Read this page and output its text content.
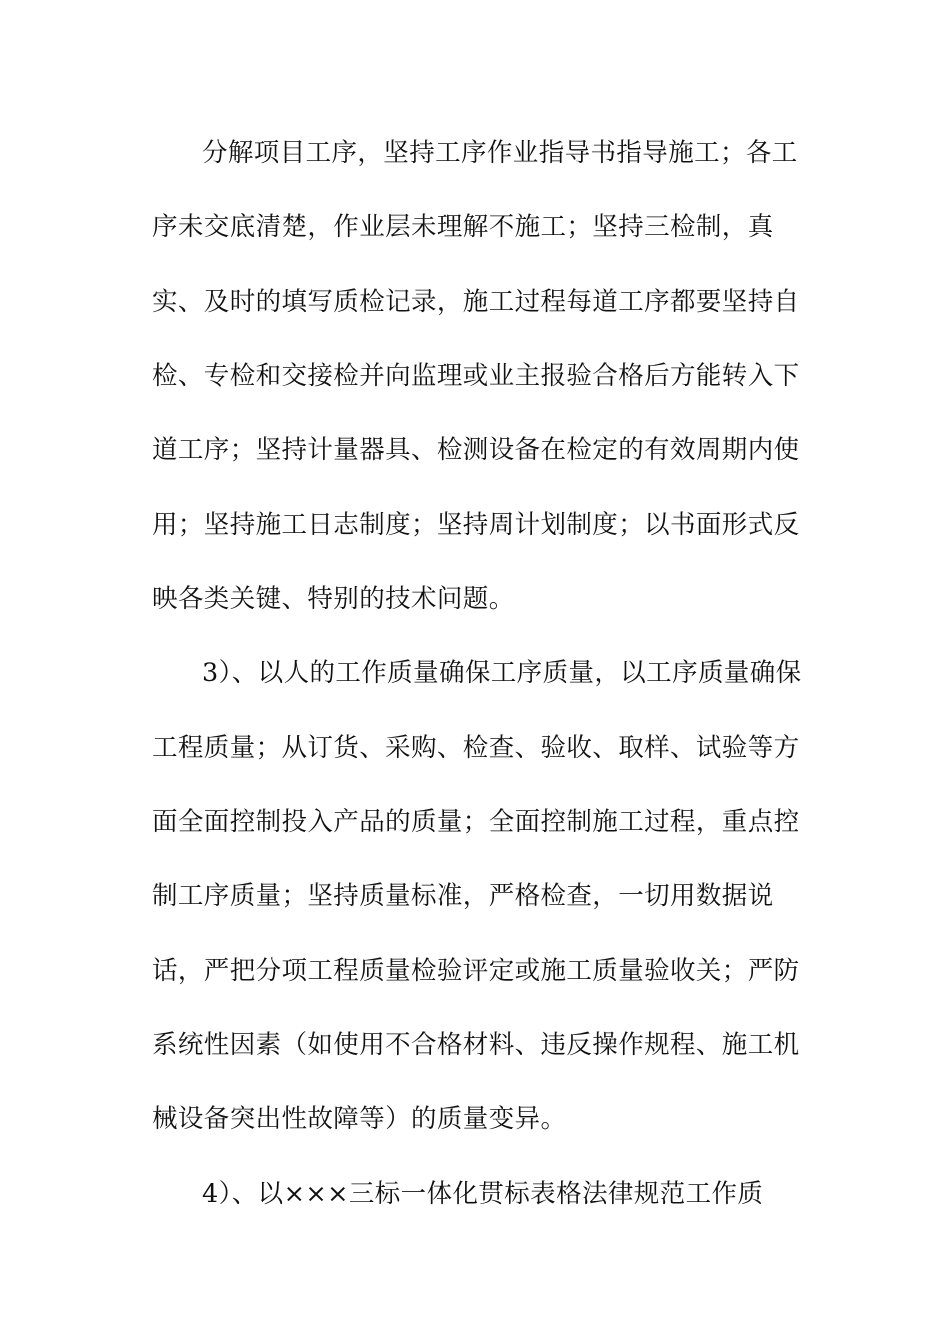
分解项目工序，坚持工序作业指导书指导施工；各工
序未交底清楚，作业层未理解不施工；坚持三检制，真
实、及时的填写质检记录，施工过程每道工序都要坚持自
检、专检和交接检并向监理或业主报验合格后方能转入下
道工序；坚持计量器具、检测设备在检定的有效周期内使
用；坚持施工日志制度；坚持周计划制度；以书面形式反
映各类关键、特别的技术问题。
3）、以人的工作质量确保工序质量，以工序质量确保
工程质量；从订货、采购、检查、验收、取样、试验等方
面全面控制投入产品的质量；全面控制施工过程，重点控
制工序质量；坚持质量标准，严格检查，一切用数据说
话，严把分项工程质量检验评定或施工质量验收关；严防
系统性因素（如使用不合格材料、违反操作规程、施工机
械设备突出性故障等）的质量变异。
4）、以×××三标一体化贯标表格法律规范工作质
